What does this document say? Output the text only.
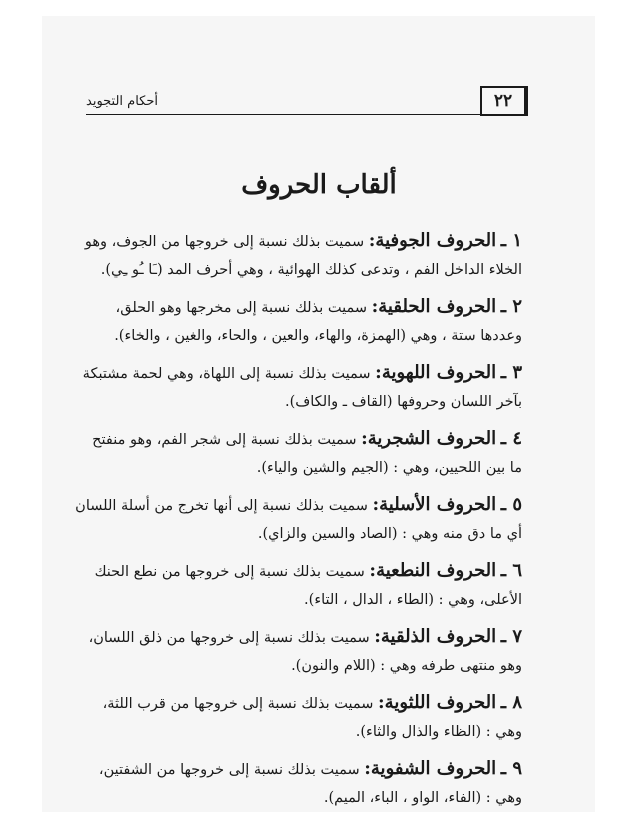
٢٢
أحكام التجويد
ألقاب الحروف
١ ـ الحروف الجوفية: سميت بذلك نسبة إلى خروجها من الجوف، وهو
الخلاء الداخل الفم ، وتدعى كذلك الهوائية ، وهي أحرف المد (ـَا ـُو ـِي).
٢ ـ الحروف الحلقية: سميت بذلك نسبة إلى مخرجها وهو الحلق،
وعددها ستة ، وهي (الهمزة، والهاء، والعين ، والحاء، والغين ، والخاء).
٣ ـ الحروف اللهوية: سميت بذلك نسبة إلى اللهاة، وهي لحمة مشتبكة
بآخر اللسان وحروفها (القاف ـ والكاف).
٤ ـ الحروف الشجرية: سميت بذلك نسبة إلى شجر الفم، وهو منفتح
ما بين اللحيين، وهي : (الجيم والشين والياء).
٥ ـ الحروف الأسلية: سميت بذلك نسبة إلى أنها تخرج من أسلة اللسان
أي ما دق منه وهي : (الصاد والسين والزاي).
٦ ـ الحروف النطعية: سميت بذلك نسبة إلى خروجها من نطع الحنك
الأعلى، وهي : (الطاء ، الدال ، التاء).
٧ ـ الحروف الذلقية: سميت بذلك نسبة إلى خروجها من ذلق اللسان،
وهو منتهى طرفه وهي : (اللام والنون).
٨ ـ الحروف اللثوية: سميت بذلك نسبة إلى خروجها من قرب اللثة،
وهي : (الظاء والذال والثاء).
٩ ـ الحروف الشفوية: سميت بذلك نسبة إلى خروجها من الشفتين،
وهي : (الفاء، الواو ، الباء، الميم).
